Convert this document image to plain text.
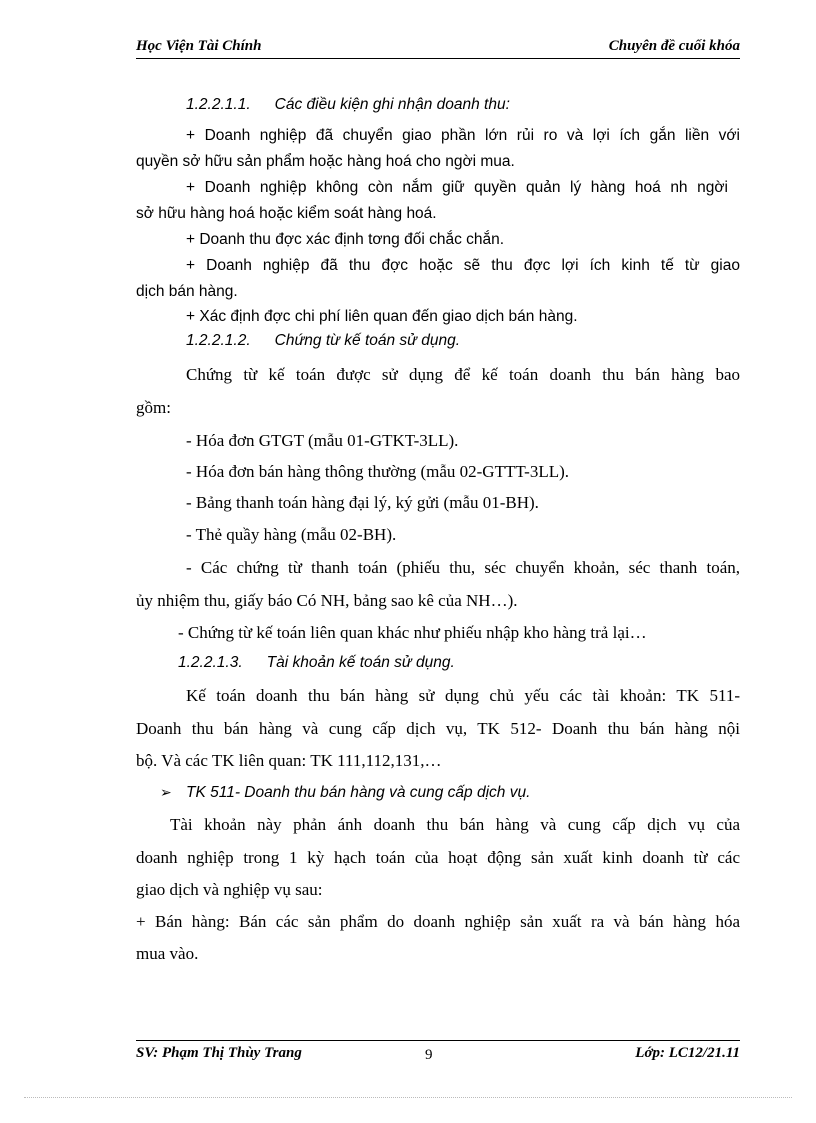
Học Viện Tài Chính	Chuyên đề cuối khóa
1.2.2.1.1. Các điều kiện ghi nhận doanh thu:
+ Doanh nghiệp đã chuyển giao phần lớn rủi ro và lợi ích gắn liền với
quyền sở hữu sản phẩm hoặc hàng hoá cho ngời mua.
+ Doanh nghiệp không còn nắm giữ quyền quản lý hàng hoá nh ngời
sở hữu hàng hoá hoặc kiểm soát hàng hoá.
+ Doanh thu đợc xác định tơng đối chắc chắn.
+ Doanh nghiệp đã thu đợc hoặc sẽ thu đợc lợi ích kinh tế từ giao
dịch bán hàng.
+ Xác định đợc chi phí liên quan đến giao dịch bán hàng.
1.2.2.1.2. Chứng từ kế toán sử dụng.
Chứng từ kế toán được sử dụng để kế toán doanh thu bán hàng bao
gồm:
- Hóa đơn GTGT (mẫu 01-GTKT-3LL).
- Hóa đơn bán hàng thông thường (mẫu 02-GTTT-3LL).
- Bảng thanh toán hàng đại lý, ký gửi (mẫu 01-BH).
- Thẻ quầy hàng (mẫu 02-BH).
- Các chứng từ thanh toán (phiếu thu, séc chuyển khoản, séc thanh toán,
ủy nhiệm thu, giấy báo Có NH, bảng sao kê của NH…).
- Chứng từ kế toán liên quan khác như phiếu nhập kho hàng trả lại…
1.2.2.1.3. Tài khoản kế toán sử dụng.
Kế toán doanh thu bán hàng sử dụng chủ yếu các tài khoản: TK 511-
Doanh thu bán hàng và cung cấp dịch vụ, TK 512- Doanh thu bán hàng nội
bộ. Và các TK liên quan: TK 111,112,131,…
➢ TK 511- Doanh thu bán hàng và cung cấp dịch vụ.
Tài khoản này phản ánh doanh thu bán hàng và cung cấp dịch vụ của
doanh nghiệp trong 1 kỳ hạch toán của hoạt động sản xuất kinh doanh từ các
giao dịch và nghiệp vụ sau:
+ Bán hàng: Bán các sản phẩm do doanh nghiệp sản xuất ra và bán hàng hóa
mua vào.
SV: Phạm Thị Thùy Trang	9	Lớp: LC12/21.11
